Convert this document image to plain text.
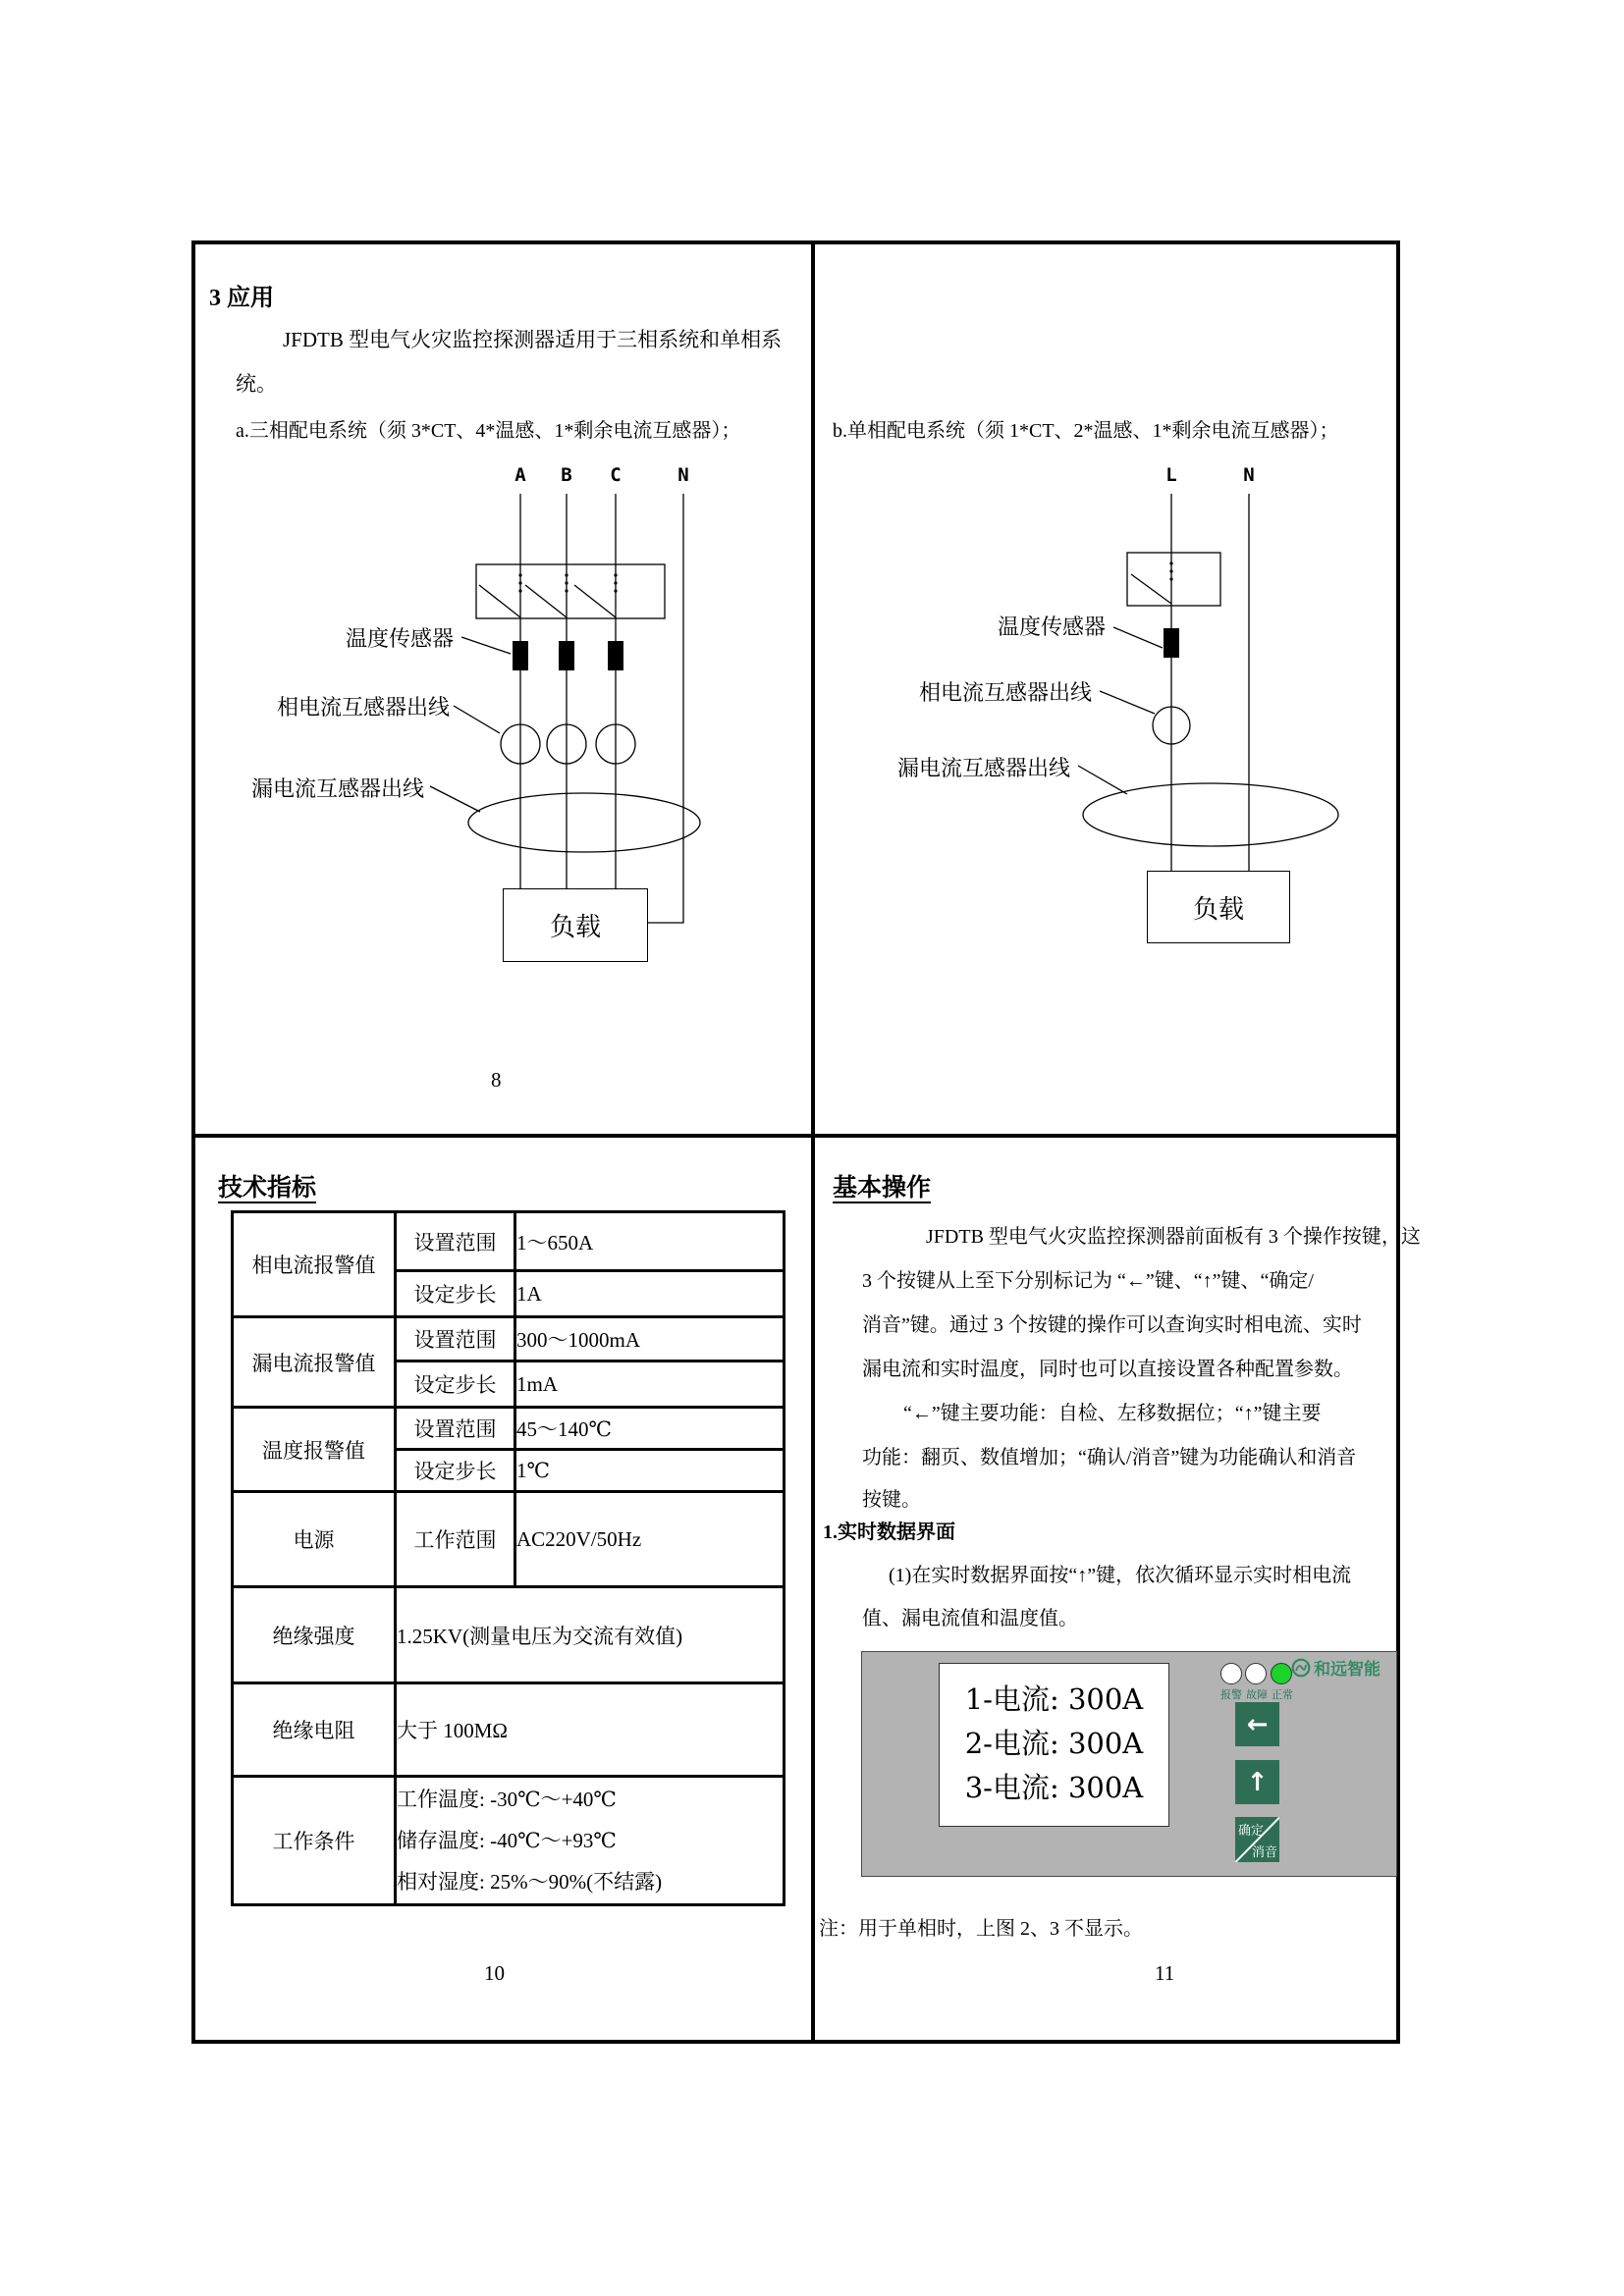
3 应用
JFDTB 型电气火灾监控探测器适用于三相系统和单相系
统。
a.三相配电系统（须 3*CT、4*温感、1*剩余电流互感器）；
A B C	N
温度传感器
相电流互感器出线
漏电流互感器出线
负载
8
b.单相配电系统（须 1*CT、2*温感、1*剩余电流互感器）；
L	N
温度传感器
相电流互感器出线
漏电流互感器出线
负载
技术指标
相电流报警值	设置范围	1～650A
	设定步长	1A
漏电流报警值	设置范围	300～1000mA
	设定步长	1mA
温度报警值	设置范围	45～140℃
	设定步长	1℃
电源	工作范围	AC220V/50Hz
绝缘强度	1.25KV(测量电压为交流有效值)	
绝缘电阻	大于 100MΩ	
工作条件	工作温度: -30℃～+40℃
储存温度: -40℃～+93℃
相对湿度: 25%～90%(不结露)	
10
基本操作
JFDTB 型电气火灾监控探测器前面板有 3 个操作按键，这
3 个按键从上至下分别标记为 “←”键、“↑”键、“确定/
消音”键。通过 3 个按键的操作可以查询实时相电流、实时
漏电流和实时温度，同时也可以直接设置各种配置参数。
“←”键主要功能：自检、左移数据位；“↑”键主要
功能：翻页、数值增加；“确认/消音”键为功能确认和消音
按键。
1.实时数据界面
(1)在实时数据界面按“↑”键，依次循环显示实时相电流
值、漏电流值和温度值。
1-电流: 300A
2-电流: 300A
3-电流: 300A
报警 故障 正常
和远智能
←
↑
确定
消音
注：用于单相时，上图 2、3 不显示。
11
